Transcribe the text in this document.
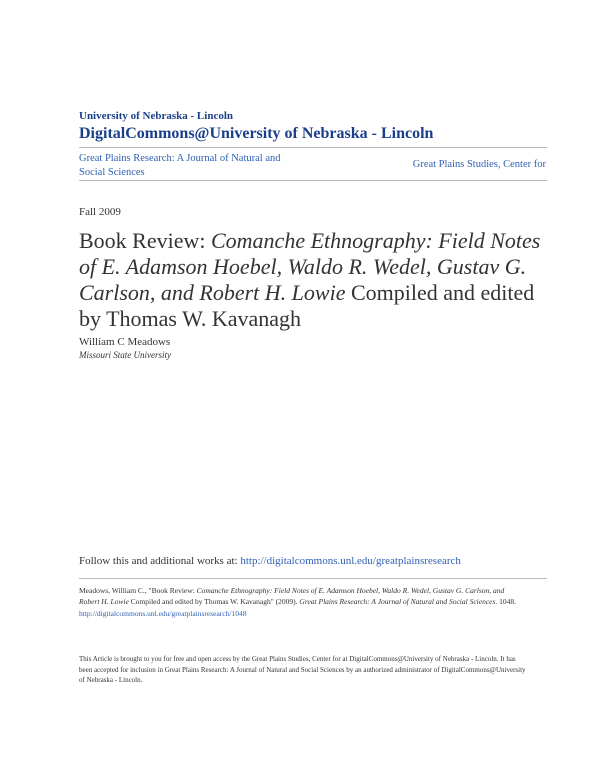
University of Nebraska - Lincoln
DigitalCommons@University of Nebraska - Lincoln
Great Plains Research: A Journal of Natural and Social Sciences
Great Plains Studies, Center for
Fall 2009
Book Review: Comanche Ethnography: Field Notes of E. Adamson Hoebel, Waldo R. Wedel, Gustav G. Carlson, and Robert H. Lowie Compiled and edited by Thomas W. Kavanagh
William C Meadows
Missouri State University
Follow this and additional works at: http://digitalcommons.unl.edu/greatplainsresearch
Meadows, William C., "Book Review: Comanche Ethnography: Field Notes of E. Adamson Hoebel, Waldo R. Wedel, Gustav G. Carlson, and Robert H. Lowie Compiled and edited by Thomas W. Kavanagh" (2009). Great Plains Research: A Journal of Natural and Social Sciences. 1048.
http://digitalcommons.unl.edu/greatplainsresearch/1048
This Article is brought to you for free and open access by the Great Plains Studies, Center for at DigitalCommons@University of Nebraska - Lincoln. It has been accepted for inclusion in Great Plains Research: A Journal of Natural and Social Sciences by an authorized administrator of DigitalCommons@University of Nebraska - Lincoln.
